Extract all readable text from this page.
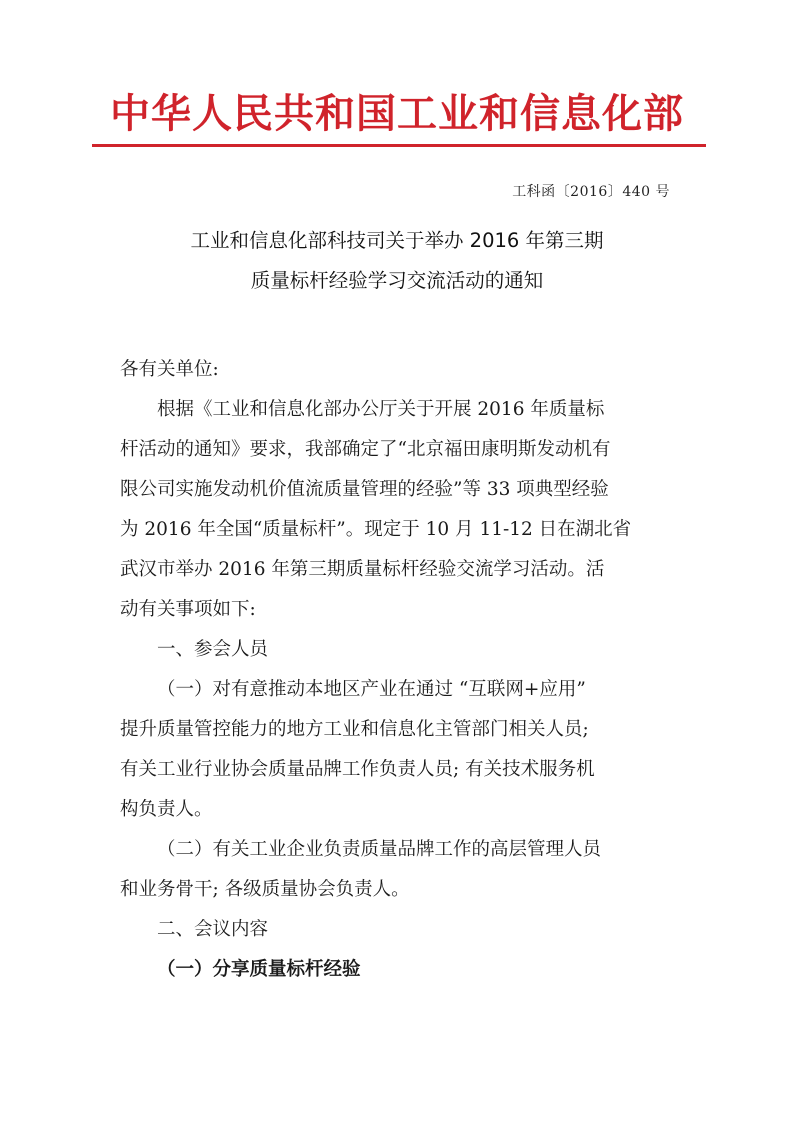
中华人民共和国工业和信息化部
工科函〔2016〕440 号
工业和信息化部科技司关于举办 2016 年第三期
质量标杆经验学习交流活动的通知
各有关单位:
根据《工业和信息化部办公厅关于开展 2016 年质量标
杆活动的通知》要求，我部确定了“北京福田康明斯发动机有
限公司实施发动机价值流质量管理的经验”等 33 项典型经验
为 2016 年全国“质量标杆”。现定于 10 月 11-12 日在湖北省
武汉市举办 2016 年第三期质量标杆经验交流学习活动。活
动有关事项如下:
一、参会人员
（一）对有意推动本地区产业在通过 “互联网+应用”
提升质量管控能力的地方工业和信息化主管部门相关人员;
有关工业行业协会质量品牌工作负责人员; 有关技术服务机
构负责人。
（二）有关工业企业负责质量品牌工作的高层管理人员
和业务骨干; 各级质量协会负责人。
二、会议内容
（一）分享质量标杆经验
